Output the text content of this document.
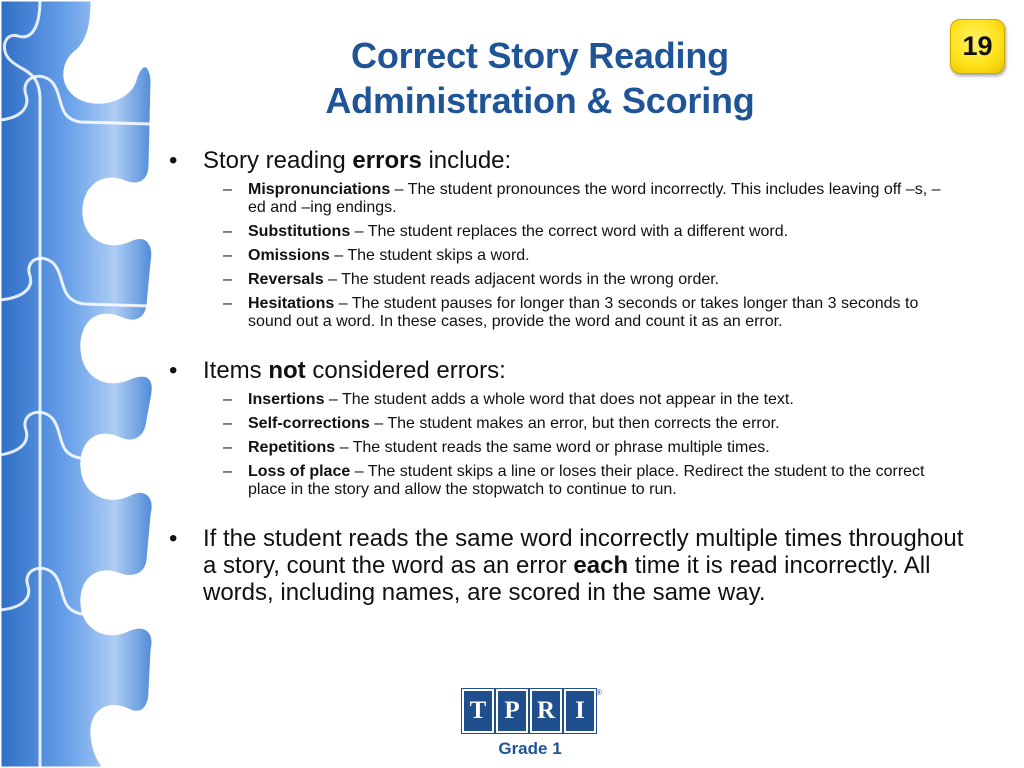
19
Correct Story Reading
Administration & Scoring
• Story reading errors include:
– Mispronunciations – The student pronounces the word incorrectly. This includes leaving off –s, –ed and –ing endings.
– Substitutions – The student replaces the correct word with a different word.
– Omissions – The student skips a word.
– Reversals – The student reads adjacent words in the wrong order.
– Hesitations – The student pauses for longer than 3 seconds or takes longer than 3 seconds to sound out a word. In these cases, provide the word and count it as an error.
• Items not considered errors:
– Insertions – The student adds a whole word that does not appear in the text.
– Self-corrections – The student makes an error, but then corrects the error.
– Repetitions – The student reads the same word or phrase multiple times.
– Loss of place – The student skips a line or loses their place. Redirect the student to the correct place in the story and allow the stopwatch to continue to run.
• If the student reads the same word incorrectly multiple times throughout a story, count the word as an error each time it is read incorrectly. All words, including names, are scored in the same way.
T P R I
®
Grade 1
